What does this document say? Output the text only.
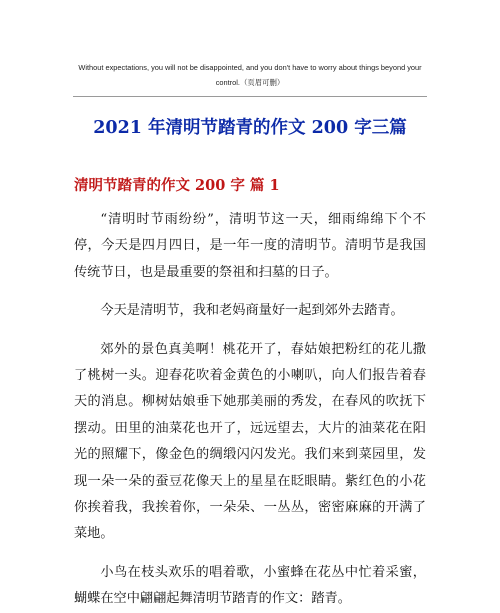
Without expectations, you will not be disappointed, and you don't have to worry about things beyond your control.（页眉可删）
2021 年清明节踏青的作文 200 字三篇
清明节踏青的作文 200 字 篇 1

“清明时节雨纷纷”，清明节这一天，细雨绵绵下个不停，今天是四月四日，是一年一度的清明节。清明节是我国传统节日，也是最重要的祭祖和扫墓的日子。

今天是清明节，我和老妈商量好一起到郊外去踏青。

郊外的景色真美啊！桃花开了，春姑娘把粉红的花儿撒了桃树一头。迎春花吹着金黄色的小喇叭，向人们报告着春天的消息。柳树姑娘垂下她那美丽的秀发，在春风的吹抚下摆动。田里的油菜花也开了，远远望去，大片的油菜花在阳光的照耀下，像金色的绸缎闪闪发光。我们来到菜园里，发现一朵一朵的蚕豆花像天上的星星在眨眼睛。紫红色的小花你挨着我，我挨着你，一朵朵、一丛丛，密密麻麻的开满了菜地。

小鸟在枝头欢乐的唱着歌，小蜜蜂在花丛中忙着采蜜，蝴蝶在空中翩翩起舞清明节踏青的作文：踏青。
